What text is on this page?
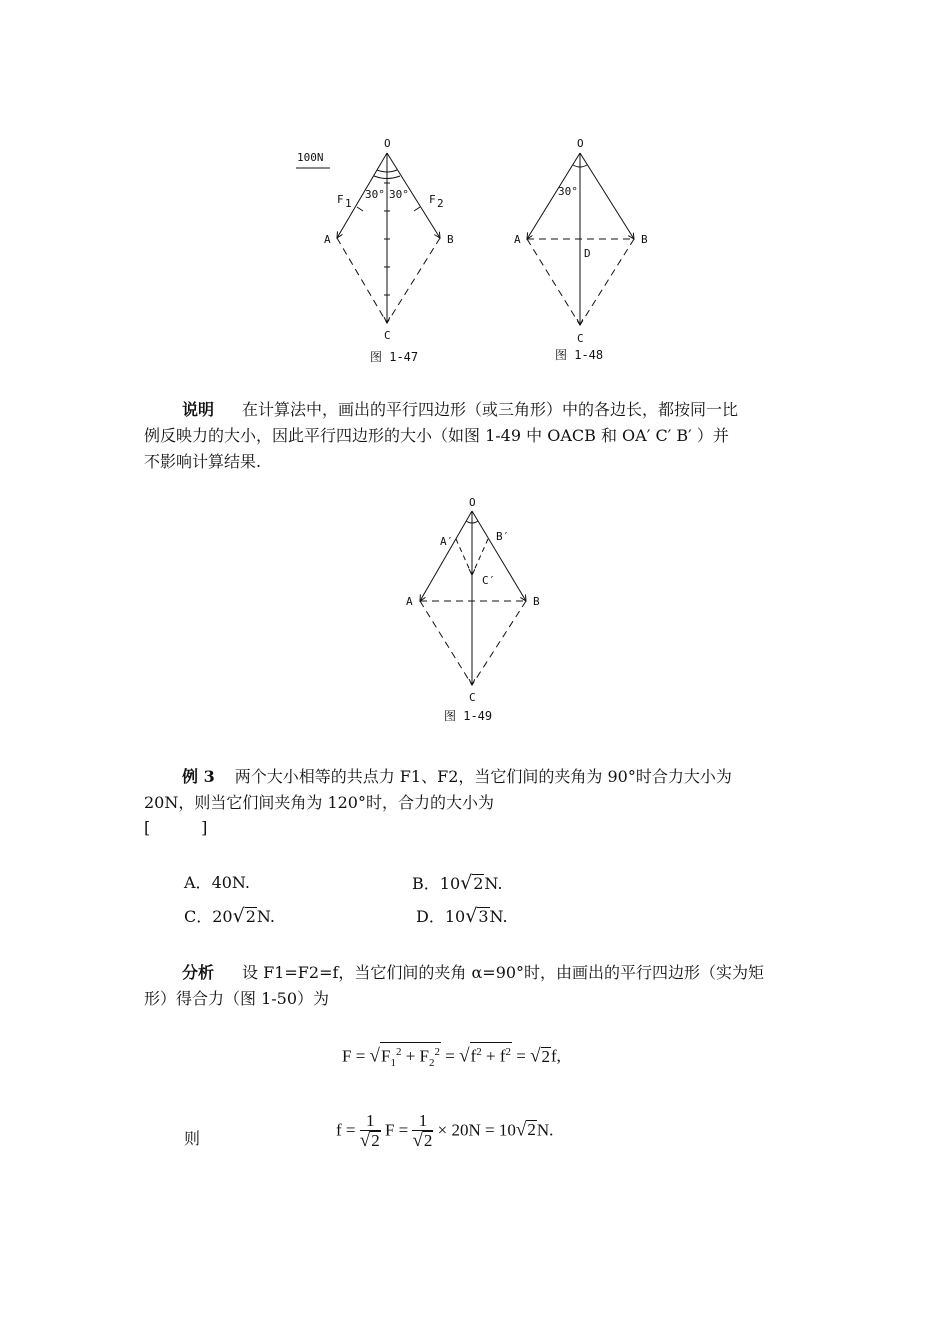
100N
O
A	B
C
F 1	F 2
30° 30°
图 1-47
O
A	B
C
D
30°
图 1-48
说明 在计算法中，画出的平行四边形（或三角形）中的各边长，都按同一比
例反映力的大小，因此平行四边形的大小（如图 1-49 中 OACB 和 OA′ C′ B′ ）并
不影响计算结果.
O
A	B
C
A′	B′
C′
图 1-49
例 3 两个大小相等的共点力 F1、F2，当它们间的夹角为 90°时合力大小为
20N，则当它们间夹角为 120°时，合力的大小为
[          ]
A．40N.	B．10√2N.
C．20√2N.	D．10√3N.
分析 设 F1=F2=f，当它们间的夹角 α=90°时，由画出的平行四边形（实为矩
形）得合力（图 1-50）为
$F = √F_1^2 + F_2^2 = √f^2 + f^2 = √2f$,
则	$f = \frac{1}{√2}$ $F = \frac{1}{√2} \times 20N = 10√2N$.
